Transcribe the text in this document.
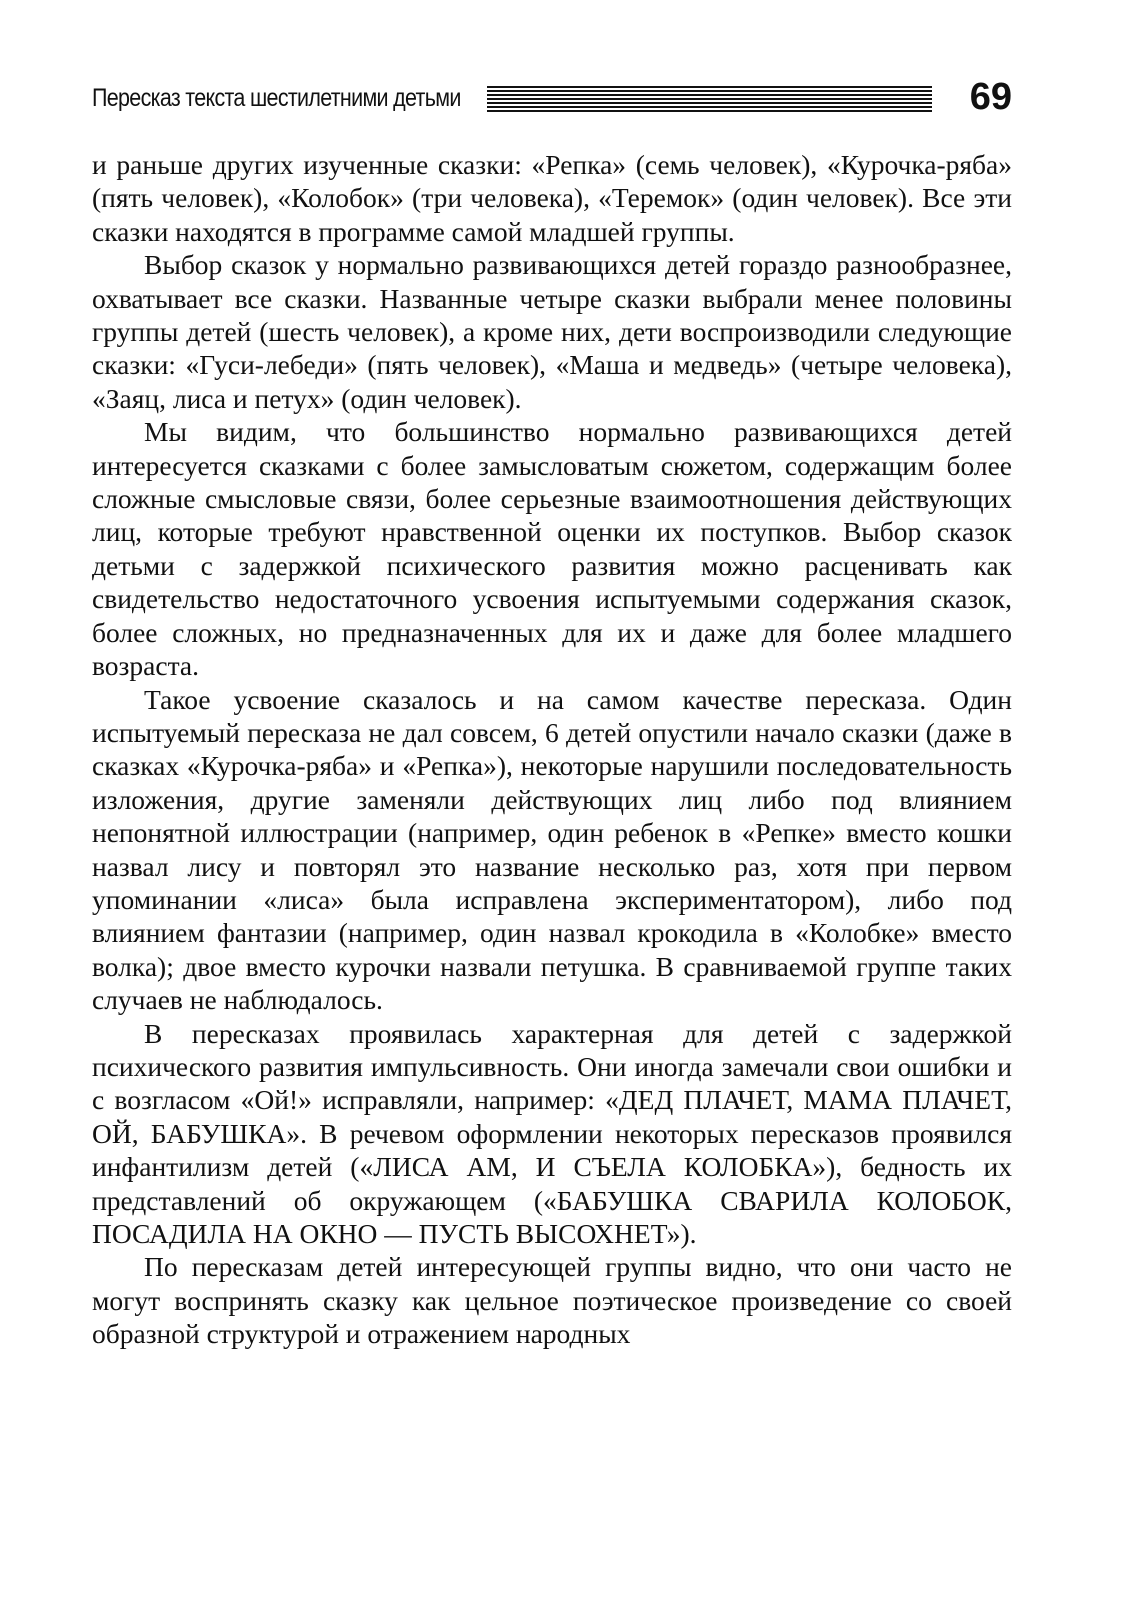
Пересказ текста шестилетними детьми	69

и раньше других изученные сказки: «Репка» (семь человек), «Курочка-ряба» (пять человек), «Колобок» (три человека), «Теремок» (один человек). Все эти сказки находятся в программе самой младшей группы.

Выбор сказок у нормально развивающихся детей гораздо разнообразнее, охватывает все сказки. Названные четыре сказки выбрали менее половины группы детей (шесть человек), а кроме них, дети воспроизводили следующие сказки: «Гуси-лебеди» (пять человек), «Маша и медведь» (четыре человека), «Заяц, лиса и петух» (один человек).

Мы видим, что большинство нормально развивающихся детей интересуется сказками с более замысловатым сюжетом, содержащим более сложные смысловые связи, более серьезные взаимоотношения действующих лиц, которые требуют нравственной оценки их поступков. Выбор сказок детьми с задержкой психического развития можно расценивать как свидетельство недостаточного усвоения испытуемыми содержания сказок, более сложных, но предназначенных для их и даже для более младшего возраста.

Такое усвоение сказалось и на самом качестве пересказа. Один испытуемый пересказа не дал совсем, 6 детей опустили начало сказки (даже в сказках «Курочка-ряба» и «Репка»), некоторые нарушили последовательность изложения, другие заменяли действующих лиц либо под влиянием непонятной иллюстрации (например, один ребенок в «Репке» вместо кошки назвал лису и повторял это название несколько раз, хотя при первом упоминании «лиса» была исправлена экспериментатором), либо под влиянием фантазии (например, один назвал крокодила в «Колобке» вместо волка); двое вместо курочки назвали петушка. В сравниваемой группе таких случаев не наблюдалось.

В пересказах проявилась характерная для детей с задержкой психического развития импульсивность. Они иногда замечали свои ошибки и с возгласом «Ой!» исправляли, например: «ДЕД ПЛАЧЕТ, МАМА ПЛАЧЕТ, ОЙ, БАБУШКА». В речевом оформлении некоторых пересказов проявился инфантилизм детей («ЛИСА АМ, И СЪЕЛА КОЛОБКА»), бедность их представлений об окружающем («БАБУШКА СВАРИЛА КОЛОБОК, ПОСАДИЛА НА ОКНО — ПУСТЬ ВЫСОХНЕТ»).

По пересказам детей интересующей группы видно, что они часто не могут воспринять сказку как цельное поэтическое произведение со своей образной структурой и отражением народных
